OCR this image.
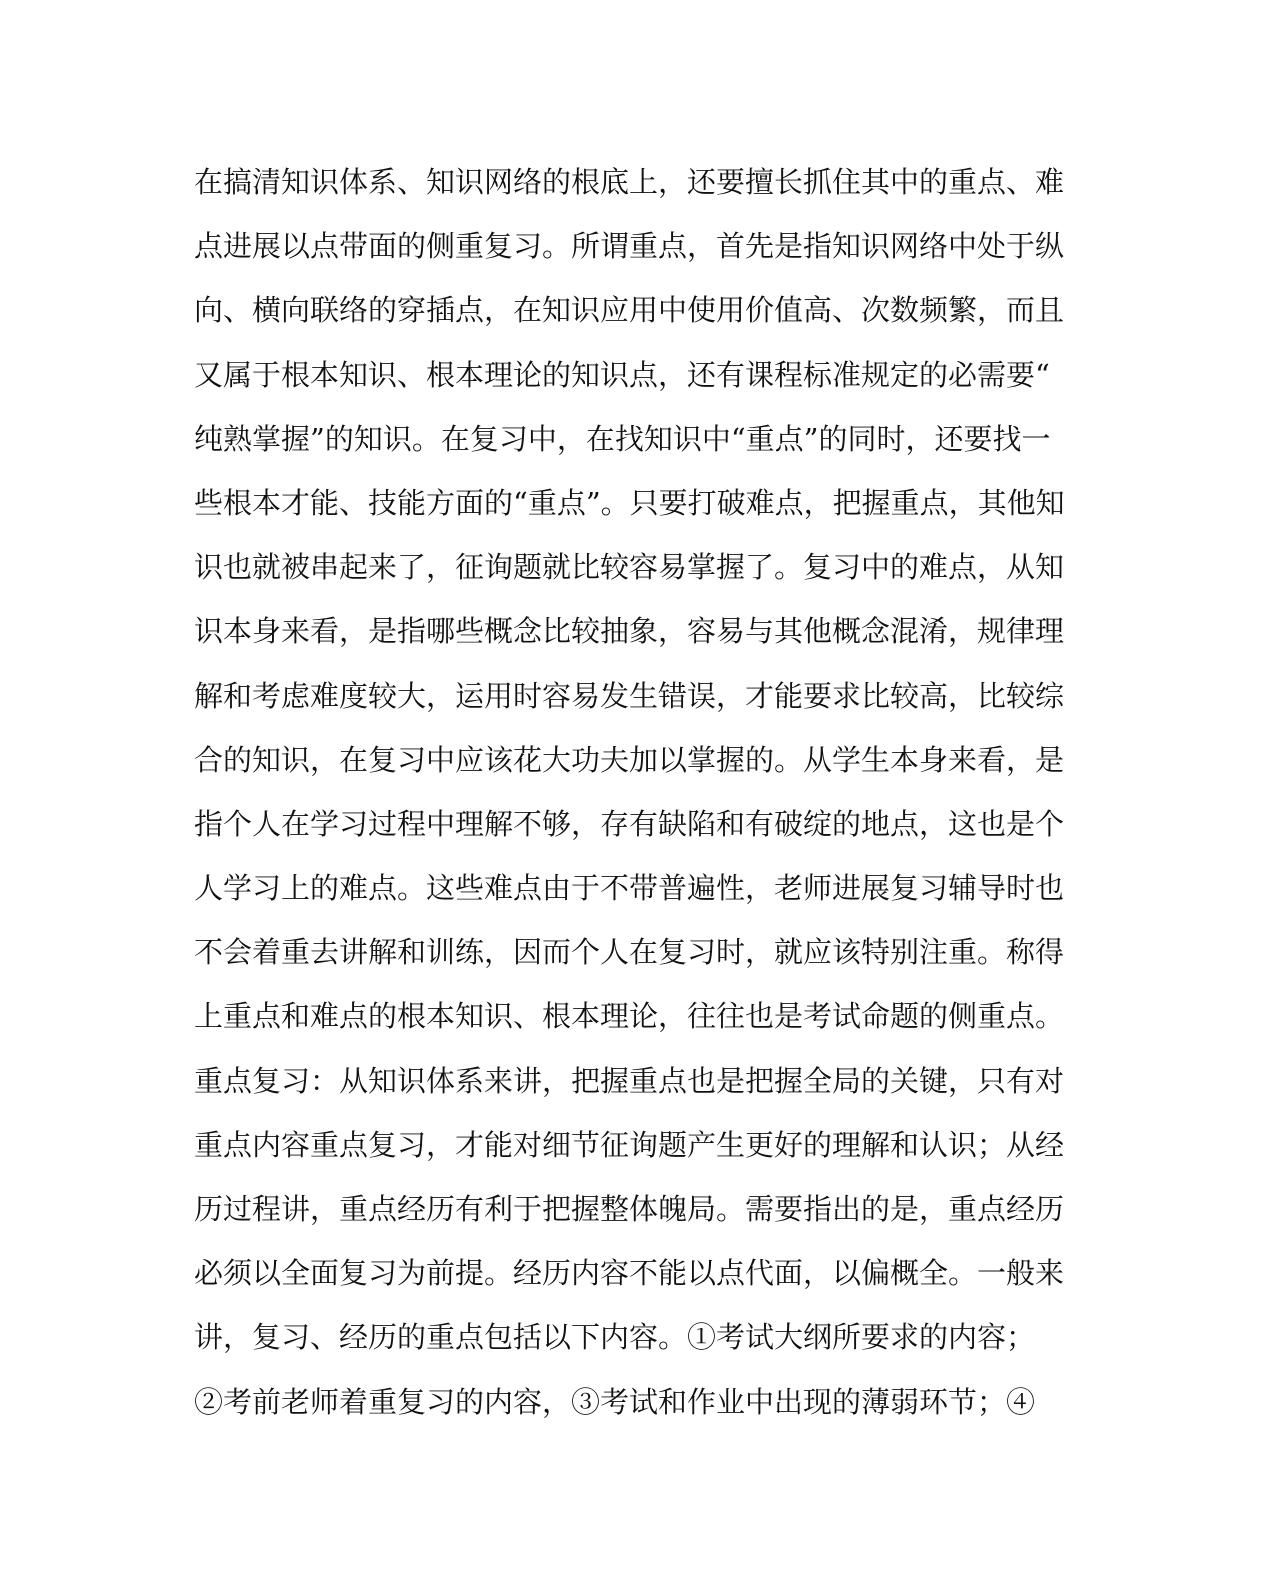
在搞清知识体系、知识网络的根底上，还要擅长抓住其中的重点、难
点进展以点带面的侧重复习。所谓重点，首先是指知识网络中处于纵
向、横向联络的穿插点，在知识应用中使用价值高、次数频繁，而且
又属于根本知识、根本理论的知识点，还有课程标准规定的必需要“
纯熟掌握”的知识。在复习中，在找知识中“重点”的同时，还要找一
些根本才能、技能方面的“重点”。只要打破难点，把握重点，其他知
识也就被串起来了，征询题就比较容易掌握了。复习中的难点，从知
识本身来看，是指哪些概念比较抽象，容易与其他概念混淆，规律理
解和考虑难度较大，运用时容易发生错误，才能要求比较高，比较综
合的知识，在复习中应该花大功夫加以掌握的。从学生本身来看，是
指个人在学习过程中理解不够，存有缺陷和有破绽的地点，这也是个
人学习上的难点。这些难点由于不带普遍性，老师进展复习辅导时也
不会着重去讲解和训练，因而个人在复习时，就应该特别注重。称得
上重点和难点的根本知识、根本理论，往往也是考试命题的侧重点。
重点复习：从知识体系来讲，把握重点也是把握全局的关键，只有对
重点内容重点复习，才能对细节征询题产生更好的理解和认识；从经
历过程讲，重点经历有利于把握整体魄局。需要指出的是，重点经历
必须以全面复习为前提。经历内容不能以点代面，以偏概全。一般来
讲，复习、经历的重点包括以下内容。①考试大纲所要求的内容；
②考前老师着重复习的内容，③考试和作业中出现的薄弱环节；④
